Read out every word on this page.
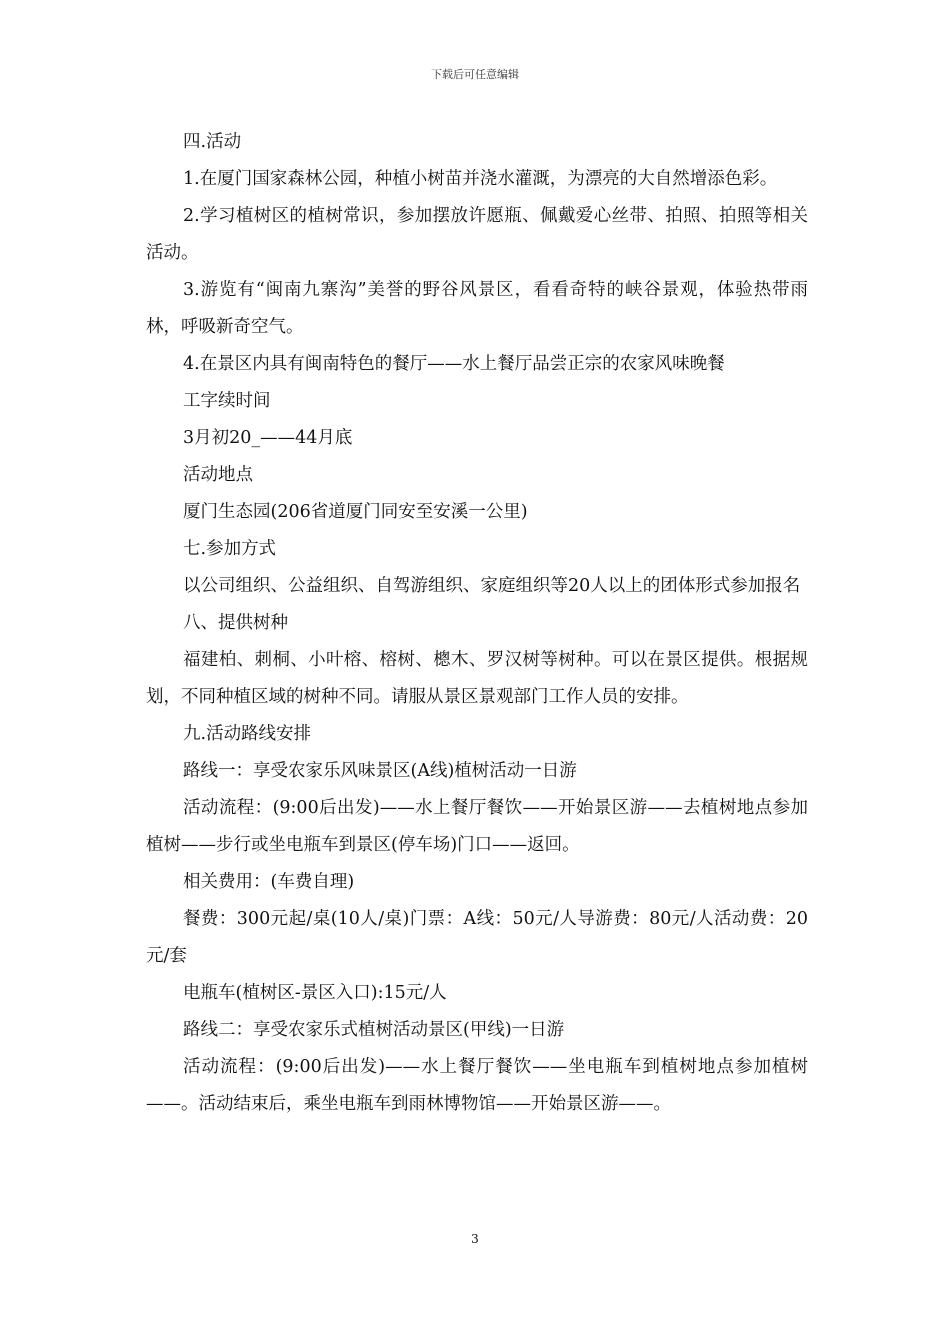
下载后可任意编辑

四.活动

1.在厦门国家森林公园，种植小树苗并浇水灌溉，为漂亮的大自然增添色彩。

2.学习植树区的植树常识，参加摆放许愿瓶、佩戴爱心丝带、拍照、拍照等相关活动。

3.游览有“闽南九寨沟”美誉的野谷风景区，看看奇特的峡谷景观，体验热带雨林，呼吸新奇空气。

4.在景区内具有闽南特色的餐厅——水上餐厅品尝正宗的农家风味晚餐

工字续时间

3月初20_——44月底

活动地点

厦门生态园(206省道厦门同安至安溪一公里)

七.参加方式

以公司组织、公益组织、自驾游组织、家庭组织等20人以上的团体形式参加报名

八、提供树种

福建柏、刺桐、小叶榕、榕树、樬木、罗汉树等树种。可以在景区提供。根据规划，不同种植区域的树种不同。请服从景区景观部门工作人员的安排。

九.活动路线安排

路线一：享受农家乐风味景区(A线)植树活动一日游

活动流程：(9:00后出发)——水上餐厅餐饮——开始景区游——去植树地点参加植树——步行或坐电瓶车到景区(停车场)门口——返回。

相关费用：(车费自理)

餐费：300元起/桌(10人/桌)门票：A线：50元/人导游费：80元/人活动费：20元/套

电瓶车(植树区-景区入口):15元/人

路线二：享受农家乐式植树活动景区(甲线)一日游

活动流程：(9:00后出发)——水上餐厅餐饮——坐电瓶车到植树地点参加植树——。活动结束后，乘坐电瓶车到雨林博物馆——开始景区游——。

3
